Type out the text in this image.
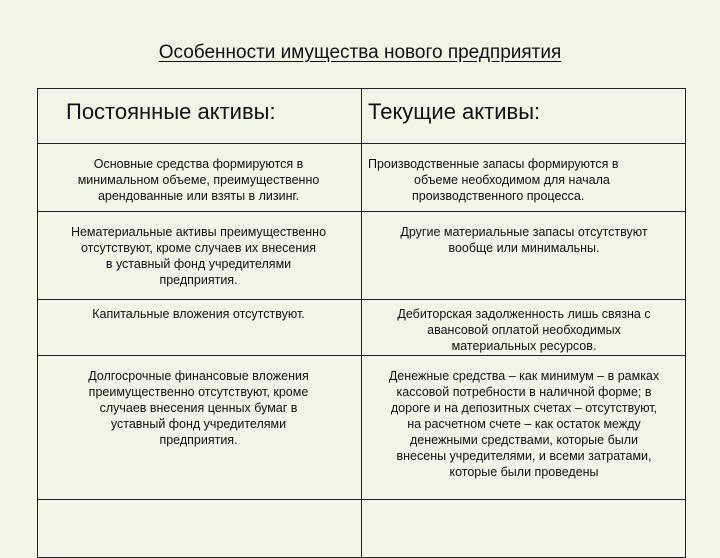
Особенности имущества нового предприятия
Постоянные активы:	Текущие активы:
Основные средства формируются в
минимальном объеме, преимущественно
арендованные или взяты в лизинг.
Производственные запасы формируются в
объеме необходимом для начала
производственного процесса.
Нематериальные активы преимущественно
отсутствуют, кроме случаев их внесения
в уставный фонд учредителями
предприятия.
Другие материальные запасы отсутствуют
вообще или минимальны.
Капитальные вложения отсутствуют.	Дебиторская задолженность лишь связна с
авансовой оплатой необходимых
материальных ресурсов.
Долгосрочные финансовые вложения
преимущественно отсутствуют, кроме
случаев внесения ценных бумаг в
уставный фонд учредителями
предприятия.
Денежные средства – как минимум – в рамках
кассовой потребности в наличной форме; в
дороге и на депозитных счетах – отсутствуют,
на расчетном счете – как остаток между
денежными средствами, которые были
внесены учредителями, и всеми затратами,
которые были проведены
